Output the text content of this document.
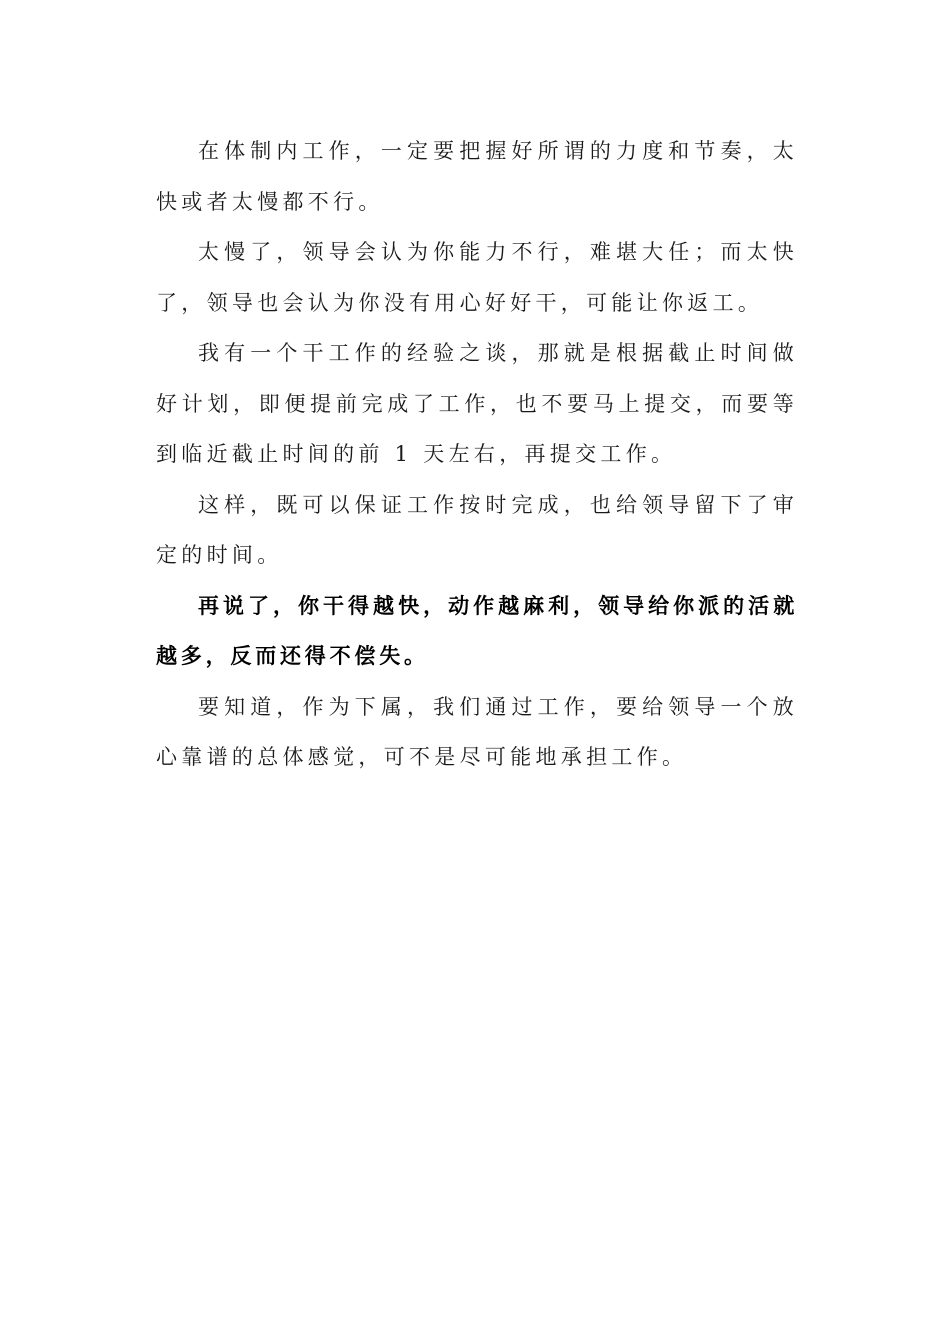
在体制内工作，一定要把握好所谓的力度和节奏，太快或者太慢都不行。

太慢了，领导会认为你能力不行，难堪大任；而太快了，领导也会认为你没有用心好好干，可能让你返工。

我有一个干工作的经验之谈，那就是根据截止时间做好计划，即便提前完成了工作，也不要马上提交，而要等到临近截止时间的前 1 天左右，再提交工作。

这样，既可以保证工作按时完成，也给领导留下了审定的时间。

再说了，你干得越快，动作越麻利，领导给你派的活就越多，反而还得不偿失。

要知道，作为下属，我们通过工作，要给领导一个放心靠谱的总体感觉，可不是尽可能地承担工作。
